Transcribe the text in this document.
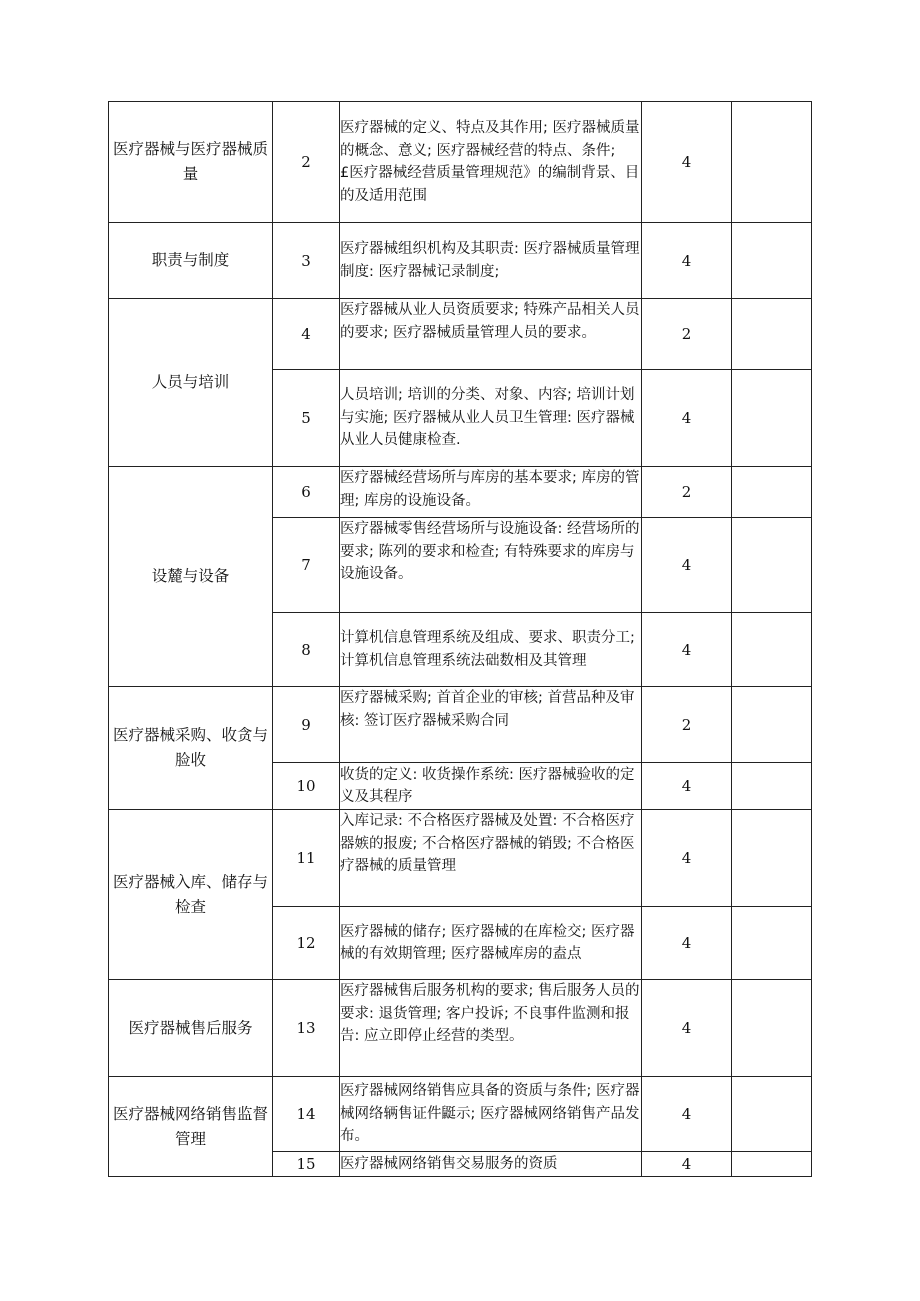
医疗器械与医疗器械质量	2	医疗器械的定义、特点及其作用; 医疗器械质量的概念、意义; 医疗器械经营的特点、条件; £医疗器械经营质量管理规范》的编制背景、目的及适用范围	4	
职责与制度	3	医疗器械组织机构及其职责: 医疗器械质量管理制度: 医疗器械记录制度;	4	
人员与培训	4	医疗器械从业人员资质要求; 特殊产品相关人员的要求; 医疗器械质量管理人员的要求。	2	
	5	人员培训; 培训的分类、对象、内容; 培训计划与实施; 医疗器械从业人员卫生管理: 医疗器械从业人员健康检查.	4	
设麓与设备	6	医疗器械经营场所与库房的基本要求; 库房的管理; 库房的设施设备。	2	
	7	医疗器械零售经营场所与设施设备: 经营场所的要求; 陈列的要求和检查; 有特殊要求的库房与设施设备。	4	
	8	计算机信息管理系统及组成、要求、职责分工; 计算机信息管理系统法础数相及其管理	4	
医疗器械采购、收贪与脸收	9	医疗器械采购; 首首企业的审核; 首营品种及审核: 签订医疗器械采购合同	2	
	10	收货的定义: 收货操作系统: 医疗器械验收的定义及其程序	4	
医疗器械入库、储存与检查	11	入库记录: 不合格医疗器械及处置: 不合格医疗器嫉的报废; 不合格医疗器械的销毁; 不合格医疗器械的质量管理	4	
	12	医疗器械的储存; 医疗器械的在库检交; 医疗器械的有效期管理; 医疗器械库房的盍点	4	
医疗器械售后服务	13	医疗器械售后服务机构的要求; 售后服务人员的要求: 退货管理; 客户投诉; 不良事件监测和报告: 应立即停止经营的类型。	4	
医疗器械网络销售监督管理	14	医疗器械网络销售应具备的资质与条件; 医疗器械网络辆售证件鼮示; 医疗器械网络销售产品发布。	4	
	15	医疗器械网络销售交易服务的资质	4	
